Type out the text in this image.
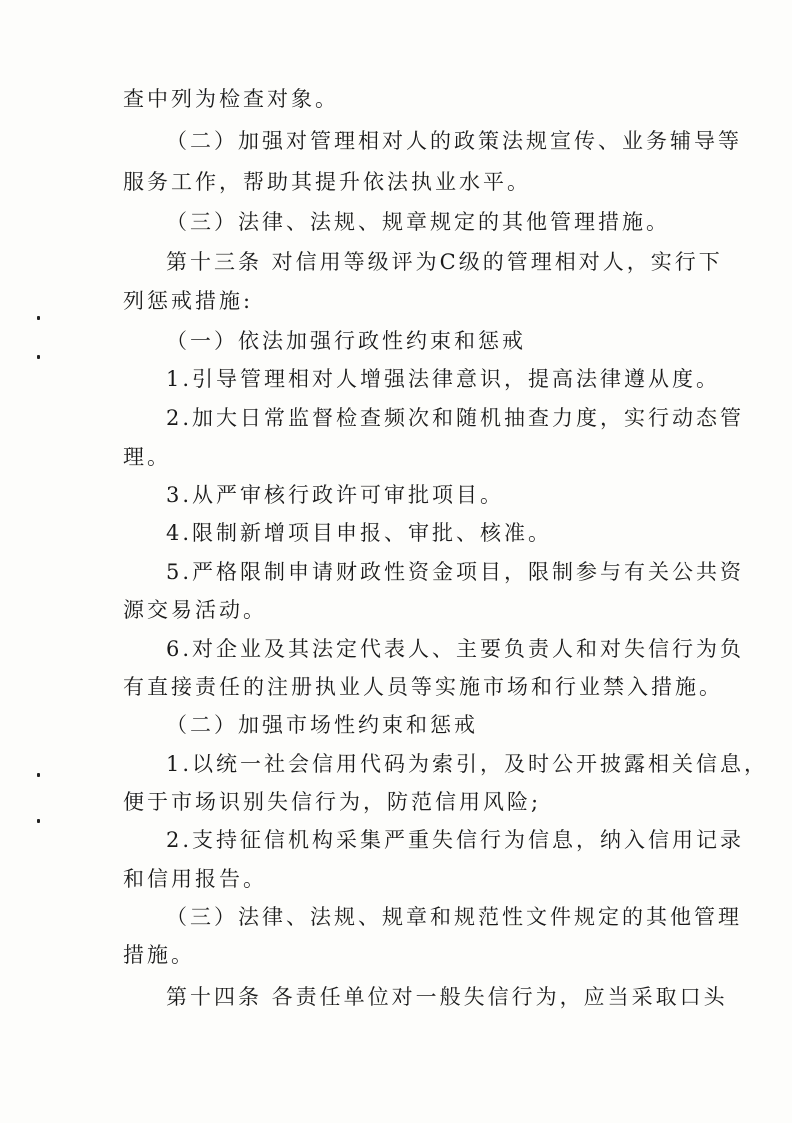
查中列为检查对象。
（二）加强对管理相对人的政策法规宣传、业务辅导等
服务工作，帮助其提升依法执业水平。
（三）法律、法规、规章规定的其他管理措施。
第十三条 对信用等级评为C级的管理相对人，实行下
列惩戒措施:
（一）依法加强行政性约束和惩戒
1.引导管理相对人增强法律意识，提高法律遵从度。
2.加大日常监督检查频次和随机抽查力度，实行动态管
理。
3.从严审核行政许可审批项目。
4.限制新增项目申报、审批、核准。
5.严格限制申请财政性资金项目，限制参与有关公共资
源交易活动。
6.对企业及其法定代表人、主要负责人和对失信行为负
有直接责任的注册执业人员等实施市场和行业禁入措施。
（二）加强市场性约束和惩戒
1.以统一社会信用代码为索引，及时公开披露相关信息，
便于市场识别失信行为，防范信用风险;
2.支持征信机构采集严重失信行为信息，纳入信用记录
和信用报告。
（三）法律、法规、规章和规范性文件规定的其他管理
措施。
第十四条 各责任单位对一般失信行为，应当采取口头
